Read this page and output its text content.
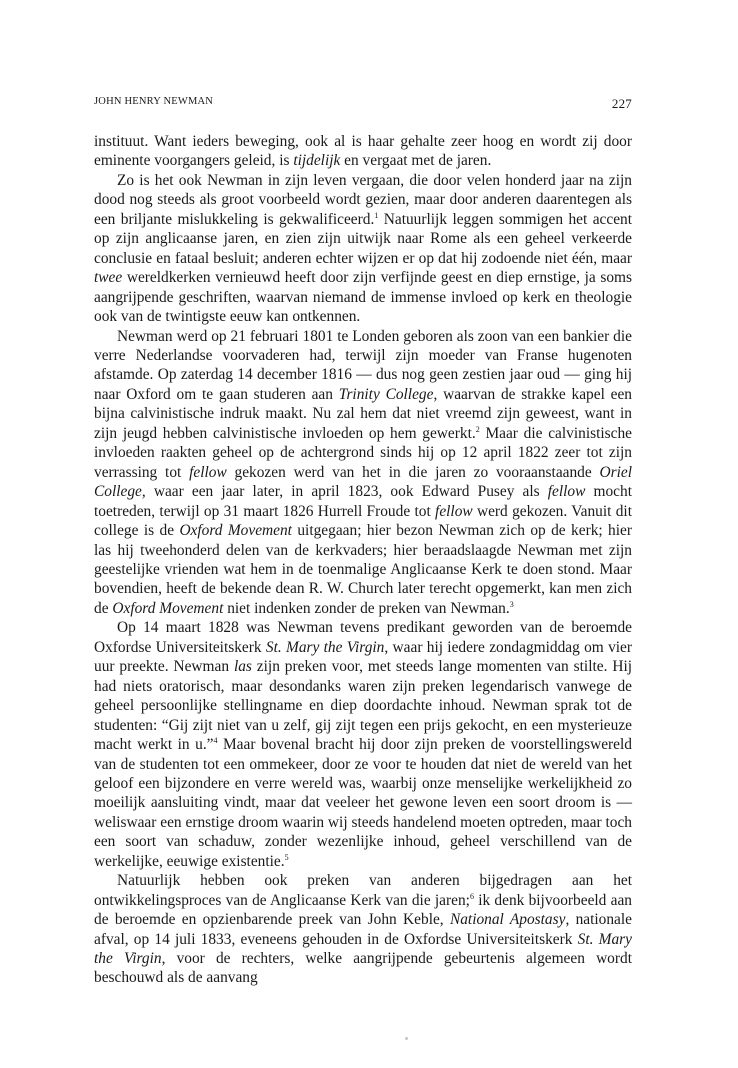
JOHN HENRY NEWMAN	227

instituut. Want ieders beweging, ook al is haar gehalte zeer hoog en wordt zij door eminente voorgangers geleid, is tijdelijk en vergaat met de jaren.

Zo is het ook Newman in zijn leven vergaan, die door velen honderd jaar na zijn dood nog steeds als groot voorbeeld wordt gezien, maar door anderen daarentegen als een briljante mislukkeling is gekwalificeerd.$^1$ Natuurlijk leggen sommigen het accent op zijn anglicaanse jaren, en zien zijn uitwijk naar Rome als een geheel verkeerde conclusie en fataal besluit; anderen echter wijzen er op dat hij zodoende niet één, maar twee wereldkerken vernieuwd heeft door zijn verfijnde geest en diep ernstige, ja soms aangrijpende geschriften, waarvan niemand de immense invloed op kerk en theologie ook van de twintigste eeuw kan ontkennen.

Newman werd op 21 februari 1801 te Londen geboren als zoon van een bankier die verre Nederlandse voorvaderen had, terwijl zijn moeder van Franse hugenoten afstamde. Op zaterdag 14 december 1816 — dus nog geen zestien jaar oud — ging hij naar Oxford om te gaan studeren aan Trinity College, waarvan de strakke kapel een bijna calvinistische indruk maakt. Nu zal hem dat niet vreemd zijn geweest, want in zijn jeugd hebben calvinistische invloeden op hem gewerkt.$^2$ Maar die calvinistische invloeden raakten geheel op de achtergrond sinds hij op 12 april 1822 zeer tot zijn verrassing tot fellow gekozen werd van het in die jaren zo vooraanstaande Oriel College, waar een jaar later, in april 1823, ook Edward Pusey als fellow mocht toetreden, terwijl op 31 maart 1826 Hurrell Froude tot fellow werd gekozen. Vanuit dit college is de Oxford Movement uitgegaan; hier bezon Newman zich op de kerk; hier las hij tweehonderd delen van de kerkvaders; hier beraadslaagde Newman met zijn geestelijke vrienden wat hem in de toenmalige Anglicaanse Kerk te doen stond. Maar bovendien, heeft de bekende dean R. W. Church later terecht opgemerkt, kan men zich de Oxford Movement niet indenken zonder de preken van Newman.$^3$

Op 14 maart 1828 was Newman tevens predikant geworden van de beroemde Oxfordse Universiteitskerk St. Mary the Virgin, waar hij iedere zondagmiddag om vier uur preekte. Newman las zijn preken voor, met steeds lange momenten van stilte. Hij had niets oratorisch, maar desondanks waren zijn preken legendarisch vanwege de geheel persoonlijke stellingname en diep doordachte inhoud. Newman sprak tot de studenten: “Gij zijt niet van u zelf, gij zijt tegen een prijs gekocht, en een mysterieuze macht werkt in u.”$^4$ Maar bovenal bracht hij door zijn preken de voorstellingswereld van de studenten tot een ommekeer, door ze voor te houden dat niet de wereld van het geloof een bijzondere en verre wereld was, waarbij onze menselijke werkelijkheid zo moeilijk aansluiting vindt, maar dat veeleer het gewone leven een soort droom is — weliswaar een ernstige droom waarin wij steeds handelend moeten optreden, maar toch een soort van schaduw, zonder wezenlijke inhoud, geheel verschillend van de werkelijke, eeuwige existentie.$^5$

Natuurlijk hebben ook preken van anderen bijgedragen aan het ontwikkelingsproces van de Anglicaanse Kerk van die jaren;$^6$ ik denk bijvoorbeeld aan de beroemde en opzienbarende preek van John Keble, National Apostasy, nationale afval, op 14 juli 1833, eveneens gehouden in de Oxfordse Universiteitskerk St. Mary the Virgin, voor de rechters, welke aangrijpende gebeurtenis algemeen wordt beschouwd als de aanvang
